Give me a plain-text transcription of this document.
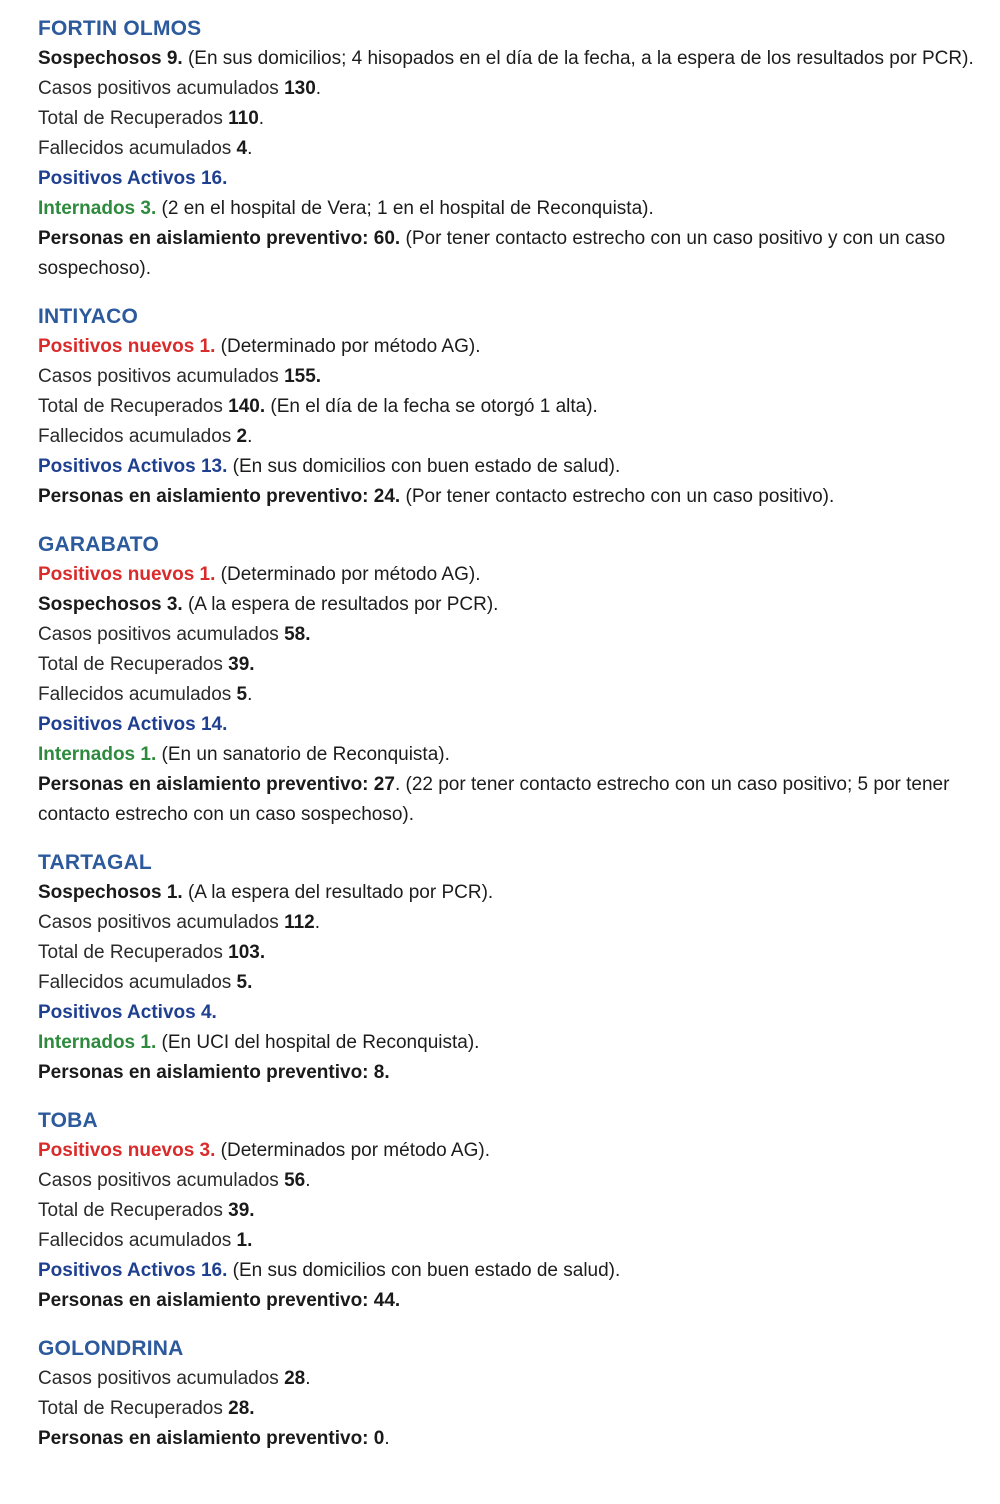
FORTIN OLMOS

Sospechosos 9. (En sus domicilios; 4 hisopados en el día de la fecha, a la espera de los resultados por PCR).

Casos positivos acumulados 130.

Total de Recuperados 110.

Fallecidos acumulados 4.

Positivos Activos 16.

Internados 3. (2 en el hospital de Vera; 1 en el hospital de Reconquista).

Personas en aislamiento preventivo: 60. (Por tener contacto estrecho con un caso positivo y con un caso sospechoso).

INTIYACO

Positivos nuevos 1. (Determinado por método AG).

Casos positivos acumulados 155.

Total de Recuperados 140. (En el día de la fecha se otorgó 1 alta).

Fallecidos acumulados 2.

Positivos Activos 13. (En sus domicilios con buen estado de salud).

Personas en aislamiento preventivo: 24. (Por tener contacto estrecho con un caso positivo).

GARABATO

Positivos nuevos 1. (Determinado por método AG).

Sospechosos 3. (A la espera de resultados por PCR).

Casos positivos acumulados 58.

Total de Recuperados 39.

Fallecidos acumulados 5.

Positivos Activos 14.

Internados 1. (En un sanatorio de Reconquista).

Personas en aislamiento preventivo: 27. (22 por tener contacto estrecho con un caso positivo; 5 por tener contacto estrecho con un caso sospechoso).

TARTAGAL

Sospechosos 1. (A la espera del resultado por PCR).

Casos positivos acumulados 112.

Total de Recuperados 103.

Fallecidos acumulados 5.

Positivos Activos 4.

Internados 1. (En UCI del hospital de Reconquista).

Personas en aislamiento preventivo: 8.

TOBA

Positivos nuevos 3. (Determinados por método AG).

Casos positivos acumulados 56.

Total de Recuperados 39.

Fallecidos acumulados 1.

Positivos Activos 16. (En sus domicilios con buen estado de salud).

Personas en aislamiento preventivo: 44.

GOLONDRINA

Casos positivos acumulados 28.

Total de Recuperados 28.

Personas en aislamiento preventivo: 0.
